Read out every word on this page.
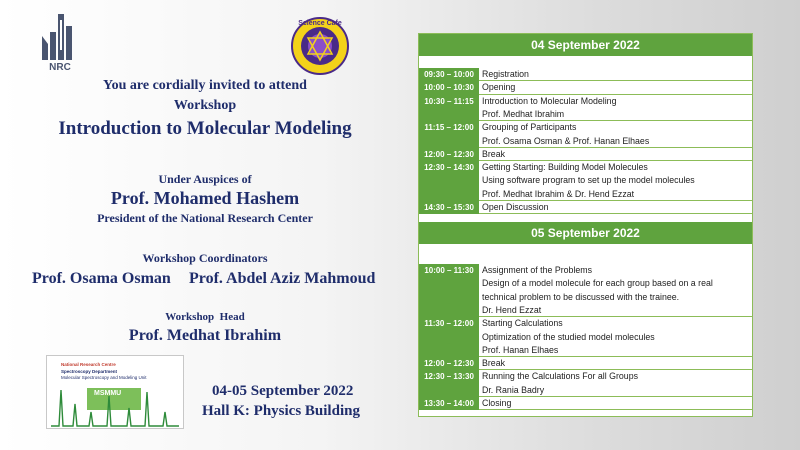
NRC
Science Cafe
You are cordially invited to attend
Workshop
Introduction to Molecular Modeling
Under Auspices of
Prof. Mohamed Hashem
President of the National Research Center
Workshop Coordinators
Prof. Osama Osman Prof. Abdel Aziz Mahmoud
Workshop  Head
Prof. Medhat Ibrahim
National Research Centre
Spectroscopy Department
Molecular Spectroscopy and Modeling Unit
MSMMU	04-05 September 2022
Hall K: Physics Building
04 September 2022
09:30 – 10:00 Registration
10:00 – 10:30 Opening
10:30 – 11:15 Introduction to Molecular Modeling
Prof. Medhat Ibrahim
11:15 – 12:00 Grouping of Participants
Prof. Osama Osman & Prof. Hanan Elhaes
12:00 – 12:30 Break
12:30 – 14:30 Getting Starting: Building Model Molecules
Using software program to set up the model molecules
Prof. Medhat Ibrahim & Dr. Hend Ezzat
14:30 – 15:30 Open Discussion
05 September 2022
10:00 – 11:30 Assignment of the Problems
Design of a model molecule for each group based on a real
technical problem to be discussed with the trainee.
Dr. Hend Ezzat
11:30 – 12:00 Starting Calculations
Optimization of the studied model molecules
Prof. Hanan Elhaes
12:00 – 12:30 Break
12:30 – 13:30 Running the Calculations For all Groups
Dr. Rania Badry
13:30 – 14:00 Closing
